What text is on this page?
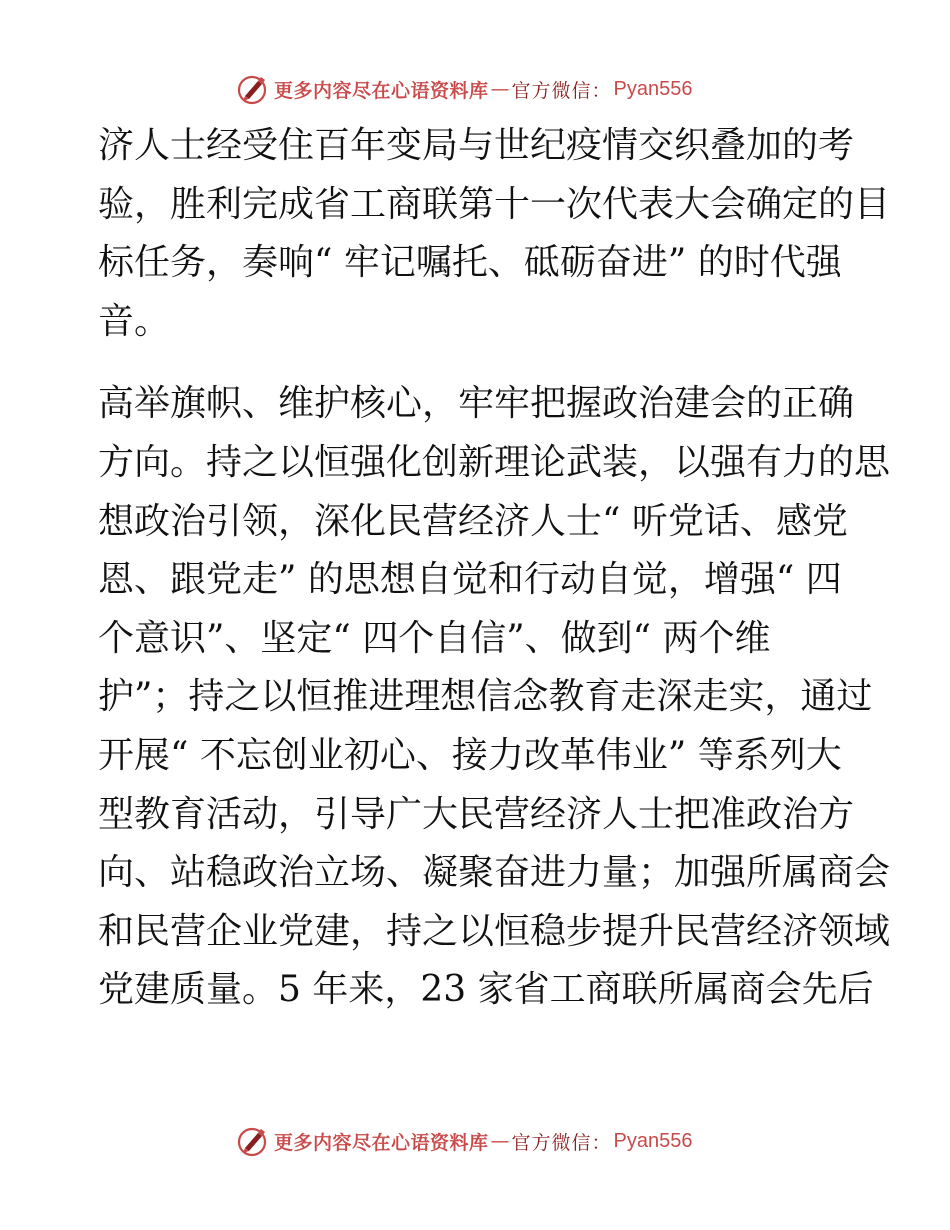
更多内容尽在心语资料库 — 官方微信： Pyan556
济人士经受住百年变局与世纪疫情交织叠加的考
验，胜利完成省工商联第十一次代表大会确定的目
标任务，奏响“ 牢记嘱托、砥砺奋进” 的时代强
音。
高举旗帜、维护核心，牢牢把握政治建会的正确
方向。持之以恒强化创新理论武装，以强有力的思
想政治引领，深化民营经济人士“ 听党话、感党
恩、跟党走” 的思想自觉和行动自觉，增强“ 四
个意识”、坚定“ 四个自信”、做到“ 两个维
护”；持之以恒推进理想信念教育走深走实，通过
开展“ 不忘创业初心、接力改革伟业” 等系列大
型教育活动，引导广大民营经济人士把准政治方
向、站稳政治立场、凝聚奋进力量；加强所属商会
和民营企业党建，持之以恒稳步提升民营经济领域
党建质量。5 年来，23 家省工商联所属商会先后
更多内容尽在心语资料库 — 官方微信： Pyan556
